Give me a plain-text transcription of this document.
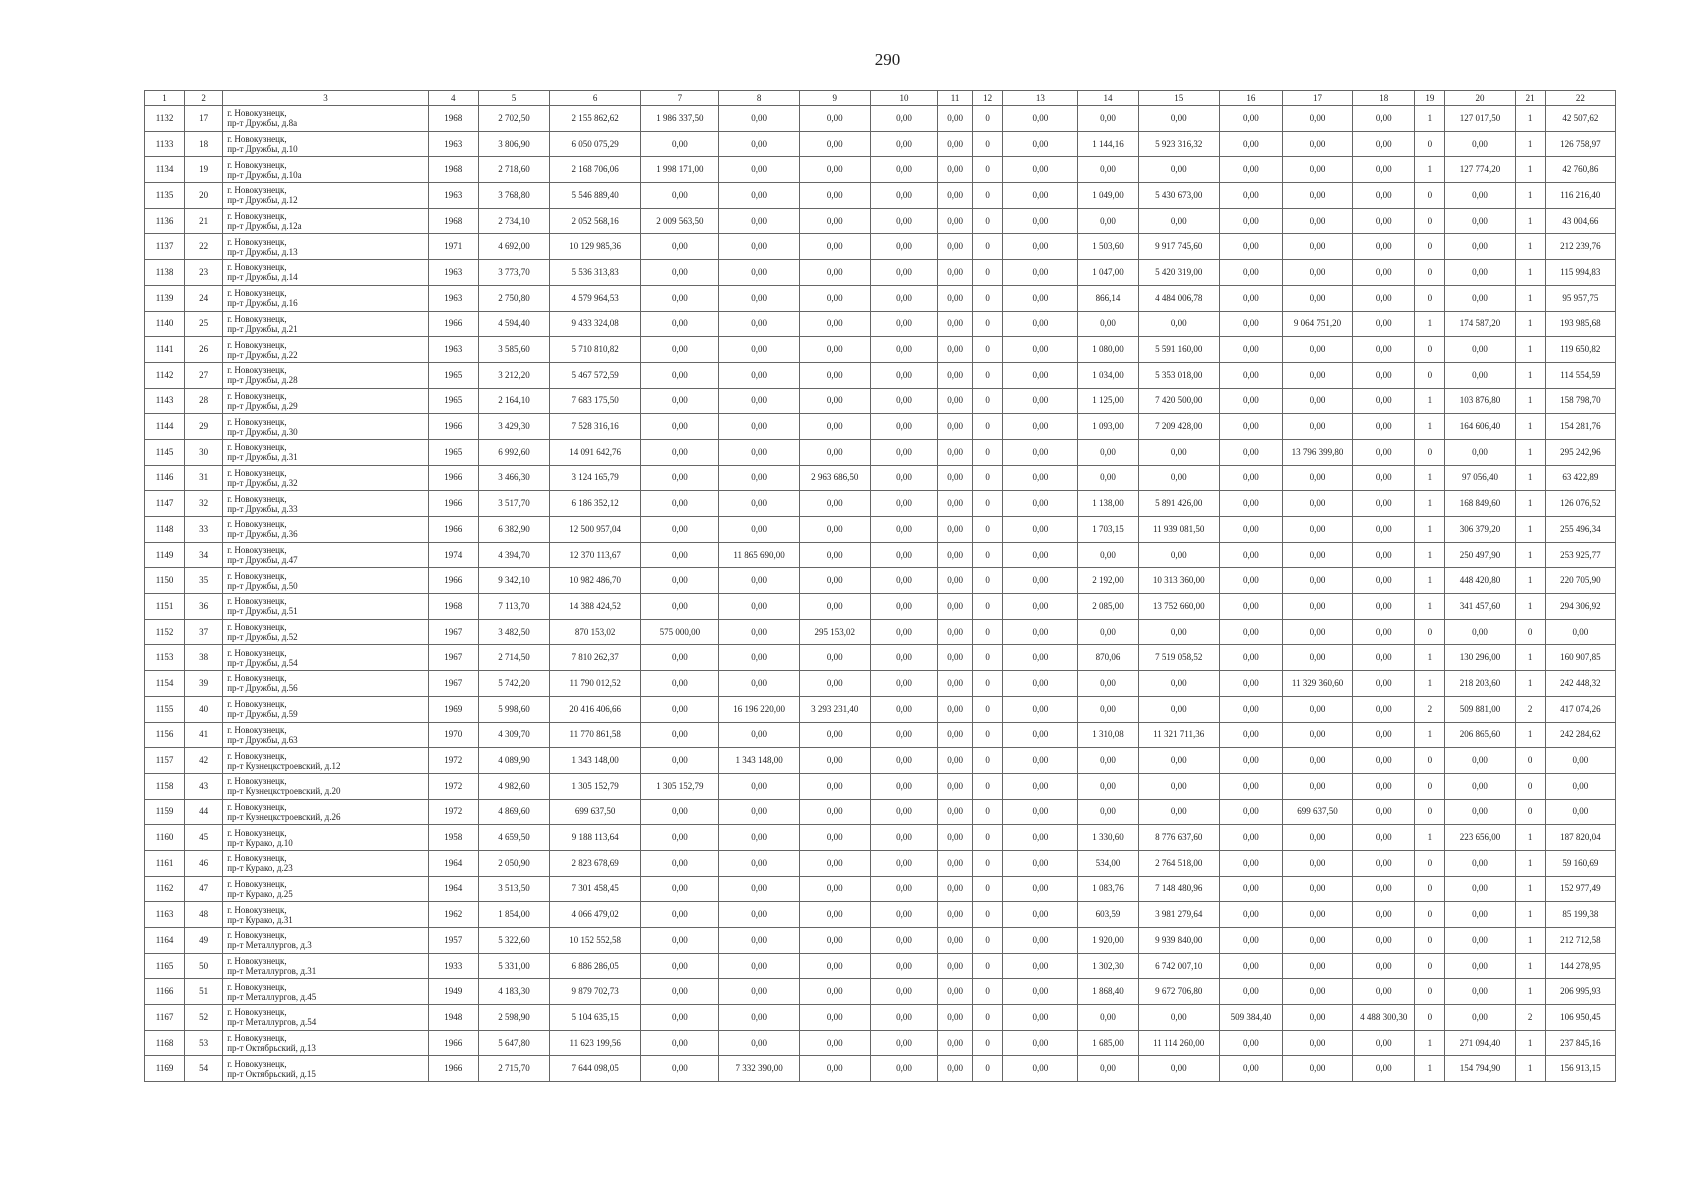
290
1	2	3	4	5	6	7	8	9	10	11	12	13	14	15	16	17	18	19	20	21	22
1132	17	г. Новокузнецк,
пр-т Дружбы, д.8а	1968	2 702,50	2 155 862,62	1 986 337,50	0,00	0,00	0,00	0,00	0	0,00	0,00	0,00	0,00	0,00	0,00	1	127 017,50	1	42 507,62
1133	18	г. Новокузнецк,
пр-т Дружбы, д.10	1963	3 806,90	6 050 075,29	0,00	0,00	0,00	0,00	0,00	0	0,00	1 144,16	5 923 316,32	0,00	0,00	0,00	0	0,00	1	126 758,97
1134	19	г. Новокузнецк,
пр-т Дружбы, д.10а	1968	2 718,60	2 168 706,06	1 998 171,00	0,00	0,00	0,00	0,00	0	0,00	0,00	0,00	0,00	0,00	0,00	1	127 774,20	1	42 760,86
1135	20	г. Новокузнецк,
пр-т Дружбы, д.12	1963	3 768,80	5 546 889,40	0,00	0,00	0,00	0,00	0,00	0	0,00	1 049,00	5 430 673,00	0,00	0,00	0,00	0	0,00	1	116 216,40
1136	21	г. Новокузнецк,
пр-т Дружбы, д.12а	1968	2 734,10	2 052 568,16	2 009 563,50	0,00	0,00	0,00	0,00	0	0,00	0,00	0,00	0,00	0,00	0,00	0	0,00	1	43 004,66
1137	22	г. Новокузнецк,
пр-т Дружбы, д.13	1971	4 692,00	10 129 985,36	0,00	0,00	0,00	0,00	0,00	0	0,00	1 503,60	9 917 745,60	0,00	0,00	0,00	0	0,00	1	212 239,76
1138	23	г. Новокузнецк,
пр-т Дружбы, д.14	1963	3 773,70	5 536 313,83	0,00	0,00	0,00	0,00	0,00	0	0,00	1 047,00	5 420 319,00	0,00	0,00	0,00	0	0,00	1	115 994,83
1139	24	г. Новокузнецк,
пр-т Дружбы, д.16	1963	2 750,80	4 579 964,53	0,00	0,00	0,00	0,00	0,00	0	0,00	866,14	4 484 006,78	0,00	0,00	0,00	0	0,00	1	95 957,75
1140	25	г. Новокузнецк,
пр-т Дружбы, д.21	1966	4 594,40	9 433 324,08	0,00	0,00	0,00	0,00	0,00	0	0,00	0,00	0,00	0,00	9 064 751,20	0,00	1	174 587,20	1	193 985,68
1141	26	г. Новокузнецк,
пр-т Дружбы, д.22	1963	3 585,60	5 710 810,82	0,00	0,00	0,00	0,00	0,00	0	0,00	1 080,00	5 591 160,00	0,00	0,00	0,00	0	0,00	1	119 650,82
1142	27	г. Новокузнецк,
пр-т Дружбы, д.28	1965	3 212,20	5 467 572,59	0,00	0,00	0,00	0,00	0,00	0	0,00	1 034,00	5 353 018,00	0,00	0,00	0,00	0	0,00	1	114 554,59
1143	28	г. Новокузнецк,
пр-т Дружбы, д.29	1965	2 164,10	7 683 175,50	0,00	0,00	0,00	0,00	0,00	0	0,00	1 125,00	7 420 500,00	0,00	0,00	0,00	1	103 876,80	1	158 798,70
1144	29	г. Новокузнецк,
пр-т Дружбы, д.30	1966	3 429,30	7 528 316,16	0,00	0,00	0,00	0,00	0,00	0	0,00	1 093,00	7 209 428,00	0,00	0,00	0,00	1	164 606,40	1	154 281,76
1145	30	г. Новокузнецк,
пр-т Дружбы, д.31	1965	6 992,60	14 091 642,76	0,00	0,00	0,00	0,00	0,00	0	0,00	0,00	0,00	0,00	13 796 399,80	0,00	0	0,00	1	295 242,96
1146	31	г. Новокузнецк,
пр-т Дружбы, д.32	1966	3 466,30	3 124 165,79	0,00	0,00	2 963 686,50	0,00	0,00	0	0,00	0,00	0,00	0,00	0,00	0,00	1	97 056,40	1	63 422,89
1147	32	г. Новокузнецк,
пр-т Дружбы, д.33	1966	3 517,70	6 186 352,12	0,00	0,00	0,00	0,00	0,00	0	0,00	1 138,00	5 891 426,00	0,00	0,00	0,00	1	168 849,60	1	126 076,52
1148	33	г. Новокузнецк,
пр-т Дружбы, д.36	1966	6 382,90	12 500 957,04	0,00	0,00	0,00	0,00	0,00	0	0,00	1 703,15	11 939 081,50	0,00	0,00	0,00	1	306 379,20	1	255 496,34
1149	34	г. Новокузнецк,
пр-т Дружбы, д.47	1974	4 394,70	12 370 113,67	0,00	11 865 690,00	0,00	0,00	0,00	0	0,00	0,00	0,00	0,00	0,00	0,00	1	250 497,90	1	253 925,77
1150	35	г. Новокузнецк,
пр-т Дружбы, д.50	1966	9 342,10	10 982 486,70	0,00	0,00	0,00	0,00	0,00	0	0,00	2 192,00	10 313 360,00	0,00	0,00	0,00	1	448 420,80	1	220 705,90
1151	36	г. Новокузнецк,
пр-т Дружбы, д.51	1968	7 113,70	14 388 424,52	0,00	0,00	0,00	0,00	0,00	0	0,00	2 085,00	13 752 660,00	0,00	0,00	0,00	1	341 457,60	1	294 306,92
1152	37	г. Новокузнецк,
пр-т Дружбы, д.52	1967	3 482,50	870 153,02	575 000,00	0,00	295 153,02	0,00	0,00	0	0,00	0,00	0,00	0,00	0,00	0,00	0	0,00	0	0,00
1153	38	г. Новокузнецк,
пр-т Дружбы, д.54	1967	2 714,50	7 810 262,37	0,00	0,00	0,00	0,00	0,00	0	0,00	870,06	7 519 058,52	0,00	0,00	0,00	1	130 296,00	1	160 907,85
1154	39	г. Новокузнецк,
пр-т Дружбы, д.56	1967	5 742,20	11 790 012,52	0,00	0,00	0,00	0,00	0,00	0	0,00	0,00	0,00	0,00	11 329 360,60	0,00	1	218 203,60	1	242 448,32
1155	40	г. Новокузнецк,
пр-т Дружбы, д.59	1969	5 998,60	20 416 406,66	0,00	16 196 220,00	3 293 231,40	0,00	0,00	0	0,00	0,00	0,00	0,00	0,00	0,00	2	509 881,00	2	417 074,26
1156	41	г. Новокузнецк,
пр-т Дружбы, д.63	1970	4 309,70	11 770 861,58	0,00	0,00	0,00	0,00	0,00	0	0,00	1 310,08	11 321 711,36	0,00	0,00	0,00	1	206 865,60	1	242 284,62
1157	42	г. Новокузнецк,
пр-т Кузнецкстроевский, д.12	1972	4 089,90	1 343 148,00	0,00	1 343 148,00	0,00	0,00	0,00	0	0,00	0,00	0,00	0,00	0,00	0,00	0	0,00	0	0,00
1158	43	г. Новокузнецк,
пр-т Кузнецкстроевский, д.20	1972	4 982,60	1 305 152,79	1 305 152,79	0,00	0,00	0,00	0,00	0	0,00	0,00	0,00	0,00	0,00	0,00	0	0,00	0	0,00
1159	44	г. Новокузнецк,
пр-т Кузнецкстроевский, д.26	1972	4 869,60	699 637,50	0,00	0,00	0,00	0,00	0,00	0	0,00	0,00	0,00	0,00	699 637,50	0,00	0	0,00	0	0,00
1160	45	г. Новокузнецк,
пр-т Курако, д.10	1958	4 659,50	9 188 113,64	0,00	0,00	0,00	0,00	0,00	0	0,00	1 330,60	8 776 637,60	0,00	0,00	0,00	1	223 656,00	1	187 820,04
1161	46	г. Новокузнецк,
пр-т Курако, д.23	1964	2 050,90	2 823 678,69	0,00	0,00	0,00	0,00	0,00	0	0,00	534,00	2 764 518,00	0,00	0,00	0,00	0	0,00	1	59 160,69
1162	47	г. Новокузнецк,
пр-т Курако, д.25	1964	3 513,50	7 301 458,45	0,00	0,00	0,00	0,00	0,00	0	0,00	1 083,76	7 148 480,96	0,00	0,00	0,00	0	0,00	1	152 977,49
1163	48	г. Новокузнецк,
пр-т Курако, д.31	1962	1 854,00	4 066 479,02	0,00	0,00	0,00	0,00	0,00	0	0,00	603,59	3 981 279,64	0,00	0,00	0,00	0	0,00	1	85 199,38
1164	49	г. Новокузнецк,
пр-т Металлургов, д.3	1957	5 322,60	10 152 552,58	0,00	0,00	0,00	0,00	0,00	0	0,00	1 920,00	9 939 840,00	0,00	0,00	0,00	0	0,00	1	212 712,58
1165	50	г. Новокузнецк,
пр-т Металлургов, д.31	1933	5 331,00	6 886 286,05	0,00	0,00	0,00	0,00	0,00	0	0,00	1 302,30	6 742 007,10	0,00	0,00	0,00	0	0,00	1	144 278,95
1166	51	г. Новокузнецк,
пр-т Металлургов, д.45	1949	4 183,30	9 879 702,73	0,00	0,00	0,00	0,00	0,00	0	0,00	1 868,40	9 672 706,80	0,00	0,00	0,00	0	0,00	1	206 995,93
1167	52	г. Новокузнецк,
пр-т Металлургов, д.54	1948	2 598,90	5 104 635,15	0,00	0,00	0,00	0,00	0,00	0	0,00	0,00	0,00	509 384,40	0,00	4 488 300,30	0	0,00	2	106 950,45
1168	53	г. Новокузнецк,
пр-т Октябрьский, д.13	1966	5 647,80	11 623 199,56	0,00	0,00	0,00	0,00	0,00	0	0,00	1 685,00	11 114 260,00	0,00	0,00	0,00	1	271 094,40	1	237 845,16
1169	54	г. Новокузнецк,
пр-т Октябрьский, д.15	1966	2 715,70	7 644 098,05	0,00	7 332 390,00	0,00	0,00	0,00	0	0,00	0,00	0,00	0,00	0,00	0,00	1	154 794,90	1	156 913,15
